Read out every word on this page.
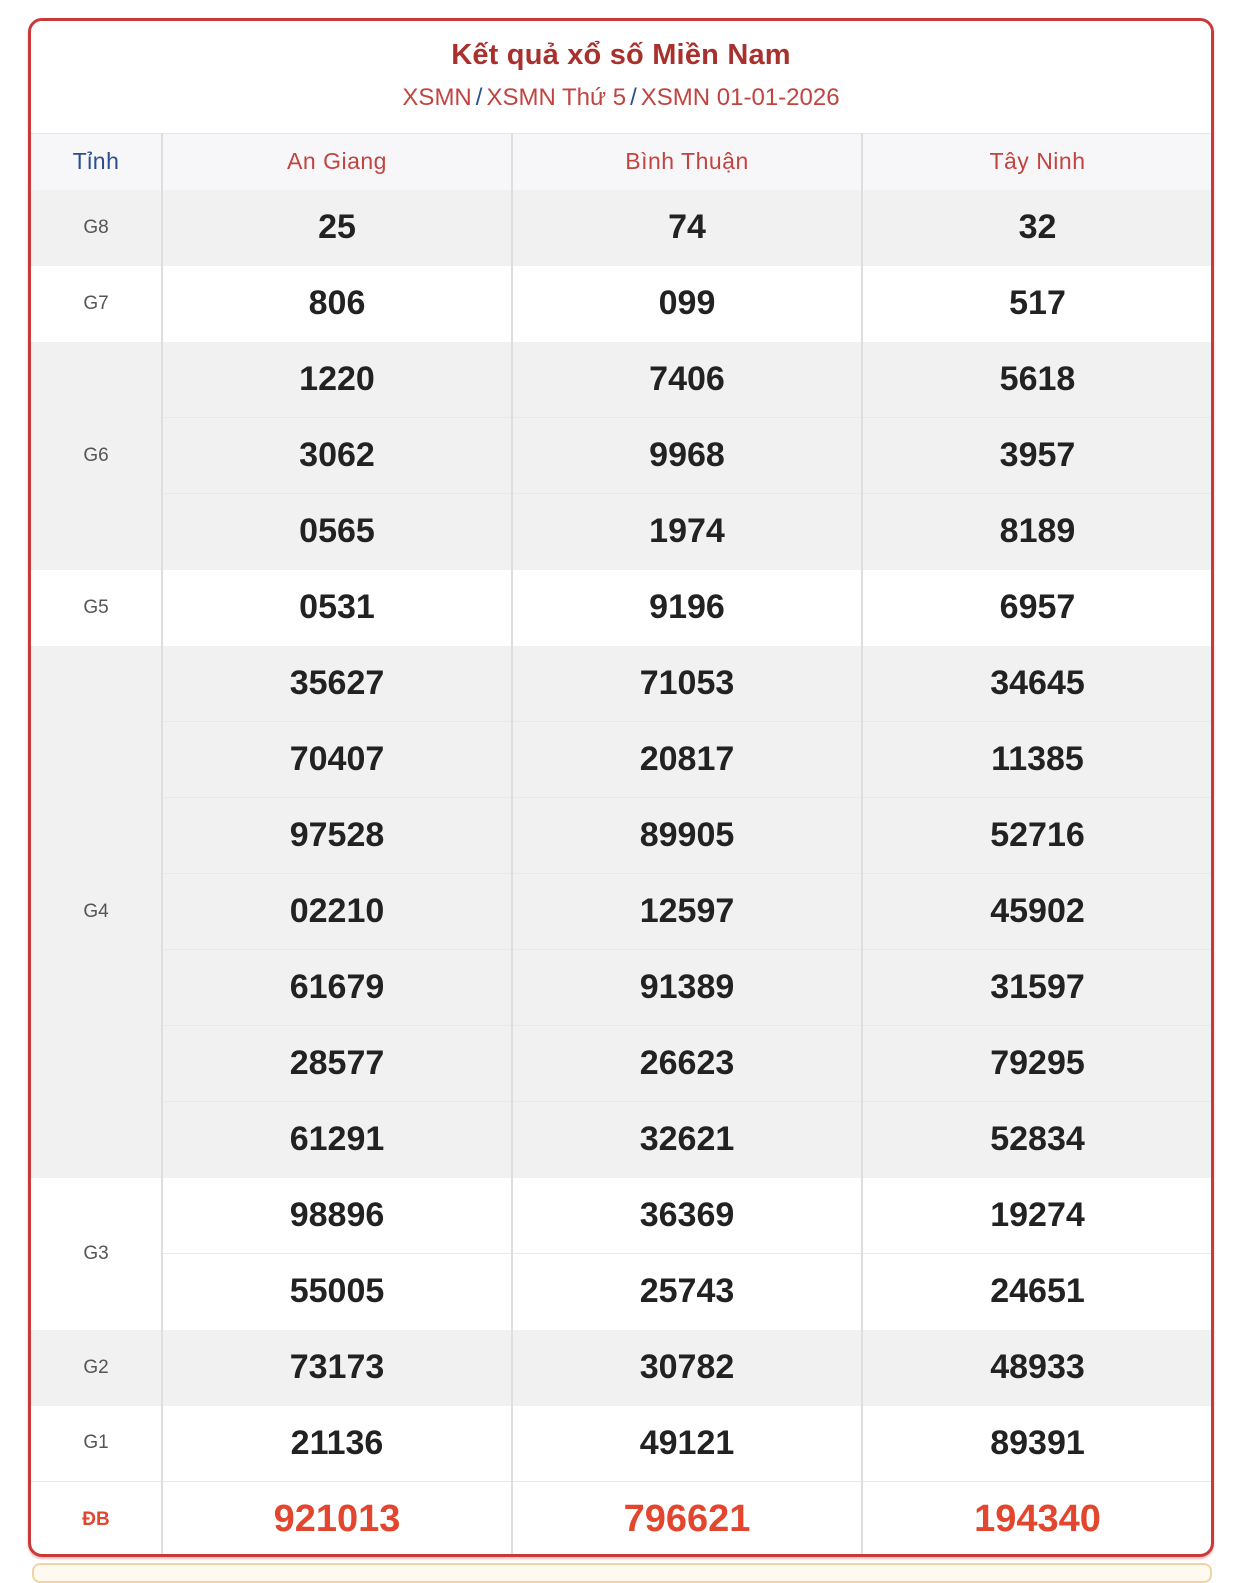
Kết quả xổ số Miền Nam
XSMN / XSMN Thứ 5 / XSMN 01-01-2026
Tỉnh	An Giang	Bình Thuận	Tây Ninh
G8	25	74	32
G7	806	099	517
G6	1220	7406	5618
	3062	9968	3957
	0565	1974	8189
G5	0531	9196	6957
G4	35627	71053	34645
	70407	20817	11385
	97528	89905	52716
	02210	12597	45902
	61679	91389	31597
	28577	26623	79295
	61291	32621	52834
G3	98896	36369	19274
	55005	25743	24651
G2	73173	30782	48933
G1	21136	49121	89391
ĐB	921013	796621	194340
